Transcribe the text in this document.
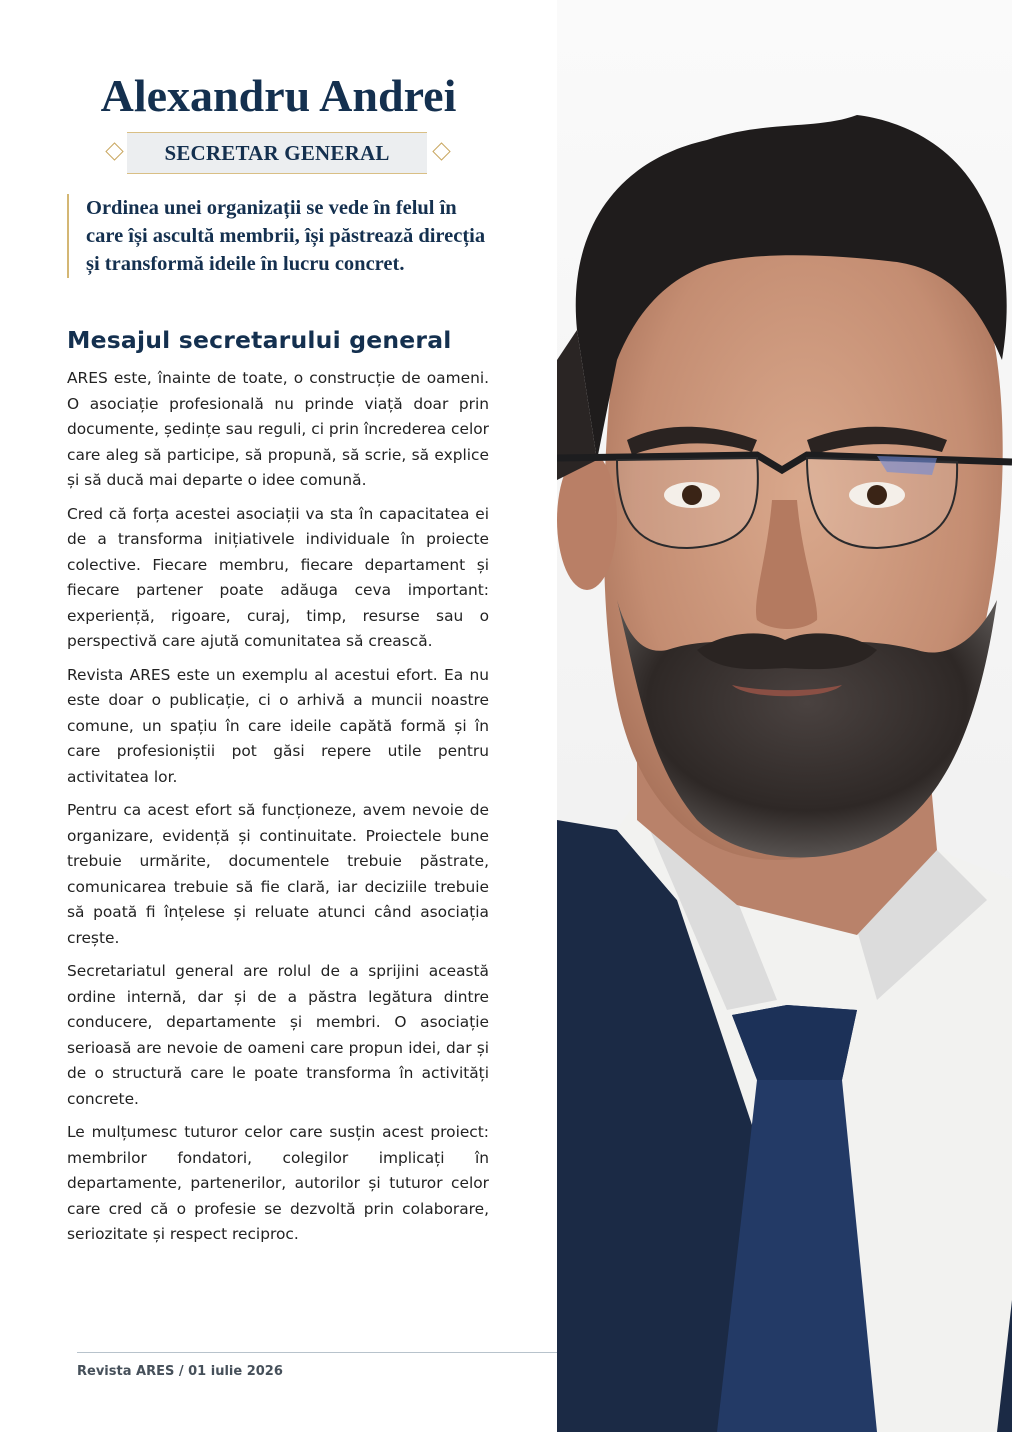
Alexandru Andrei
SECRETAR GENERAL
Ordinea unei organizații se vede în felul în care își ascultă membrii, își păstrează direcția și transformă ideile în lucru concret.
Mesajul secretarului general

ARES este, înainte de toate, o construcție de oameni. O asociație profesională nu prinde viață doar prin documente, ședințe sau reguli, ci prin încrederea celor care aleg să participe, să propună, să scrie, să explice și să ducă mai departe o idee comună.

Cred că forța acestei asociații va sta în capacitatea ei de a transforma inițiativele individuale în proiecte colective. Fiecare membru, fiecare departament și fiecare partener poate adăuga ceva important: experiență, rigoare, curaj, timp, resurse sau o perspectivă care ajută comunitatea să crească.

Revista ARES este un exemplu al acestui efort. Ea nu este doar o publicație, ci o arhivă a muncii noastre comune, un spațiu în care ideile capătă formă și în care profesioniștii pot găsi repere utile pentru activitatea lor.

Pentru ca acest efort să funcționeze, avem nevoie de organizare, evidență și continuitate. Proiectele bune trebuie urmărite, documentele trebuie păstrate, comunicarea trebuie să fie clară, iar deciziile trebuie să poată fi înțelese și reluate atunci când asociația crește.

Secretariatul general are rolul de a sprijini această ordine internă, dar și de a păstra legătura dintre conducere, departamente și membri. O asociație serioasă are nevoie de oameni care propun idei, dar și de o structură care le poate transforma în activități concrete.

Le mulțumesc tuturor celor care susțin acest proiect: membrilor fondatori, colegilor implicați în departamente, partenerilor, autorilor și tuturor celor care cred că o profesie se dezvoltă prin colaborare, seriozitate și respect reciproc.

Revista ARES / 01 iulie 2026
